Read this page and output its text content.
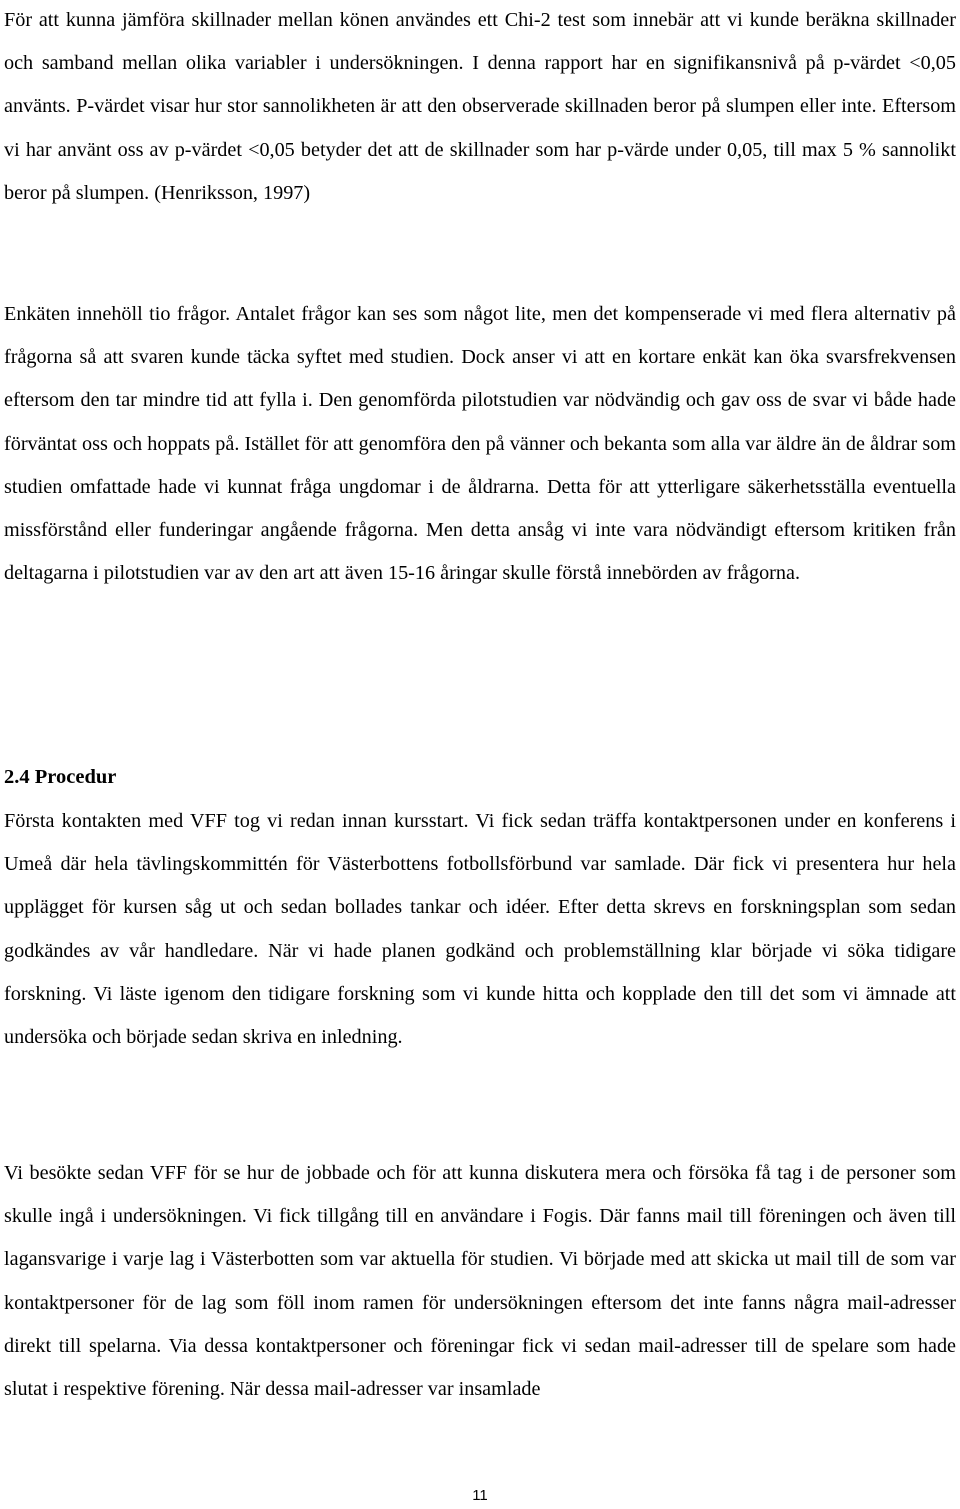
För att kunna jämföra skillnader mellan könen användes ett Chi-2 test som innebär att vi kunde beräkna skillnader och samband mellan olika variabler i undersökningen. I denna rapport har en signifikansnivå på p-värdet <0,05 använts. P-värdet visar hur stor sannolikheten är att den observerade skillnaden beror på slumpen eller inte. Eftersom vi har använt oss av p-värdet <0,05 betyder det att de skillnader som har p-värde under 0,05, till max 5 % sannolikt beror på slumpen. (Henriksson, 1997)

Enkäten innehöll tio frågor. Antalet frågor kan ses som något lite, men det kompenserade vi med flera alternativ på frågorna så att svaren kunde täcka syftet med studien. Dock anser vi att en kortare enkät kan öka svarsfrekvensen eftersom den tar mindre tid att fylla i. Den genomförda pilotstudien var nödvändig och gav oss de svar vi både hade förväntat oss och hoppats på. Istället för att genomföra den på vänner och bekanta som alla var äldre än de åldrar som studien omfattade hade vi kunnat fråga ungdomar i de åldrarna. Detta för att ytterligare säkerhetsställa eventuella missförstånd eller funderingar angående frågorna. Men detta ansåg vi inte vara nödvändigt eftersom kritiken från deltagarna i pilotstudien var av den art att även 15-16 åringar skulle förstå innebörden av frågorna.

2.4 Procedur

Första kontakten med VFF tog vi redan innan kursstart. Vi fick sedan träffa kontaktpersonen under en konferens i Umeå där hela tävlingskommittén för Västerbottens fotbollsförbund var samlade. Där fick vi presentera hur hela upplägget för kursen såg ut och sedan bollades tankar och idéer. Efter detta skrevs en forskningsplan som sedan godkändes av vår handledare. När vi hade planen godkänd och problemställning klar började vi söka tidigare forskning. Vi läste igenom den tidigare forskning som vi kunde hitta och kopplade den till det som vi ämnade att undersöka och började sedan skriva en inledning.

Vi besökte sedan VFF för se hur de jobbade och för att kunna diskutera mera och försöka få tag i de personer som skulle ingå i undersökningen. Vi fick tillgång till en användare i Fogis. Där fanns mail till föreningen och även till lagansvarige i varje lag i Västerbotten som var aktuella för studien. Vi började med att skicka ut mail till de som var kontaktpersoner för de lag som föll inom ramen för undersökningen eftersom det inte fanns några mail-adresser direkt till spelarna. Via dessa kontaktpersoner och föreningar fick vi sedan mail-adresser till de spelare som hade slutat i respektive förening. När dessa mail-adresser var insamlade

11
